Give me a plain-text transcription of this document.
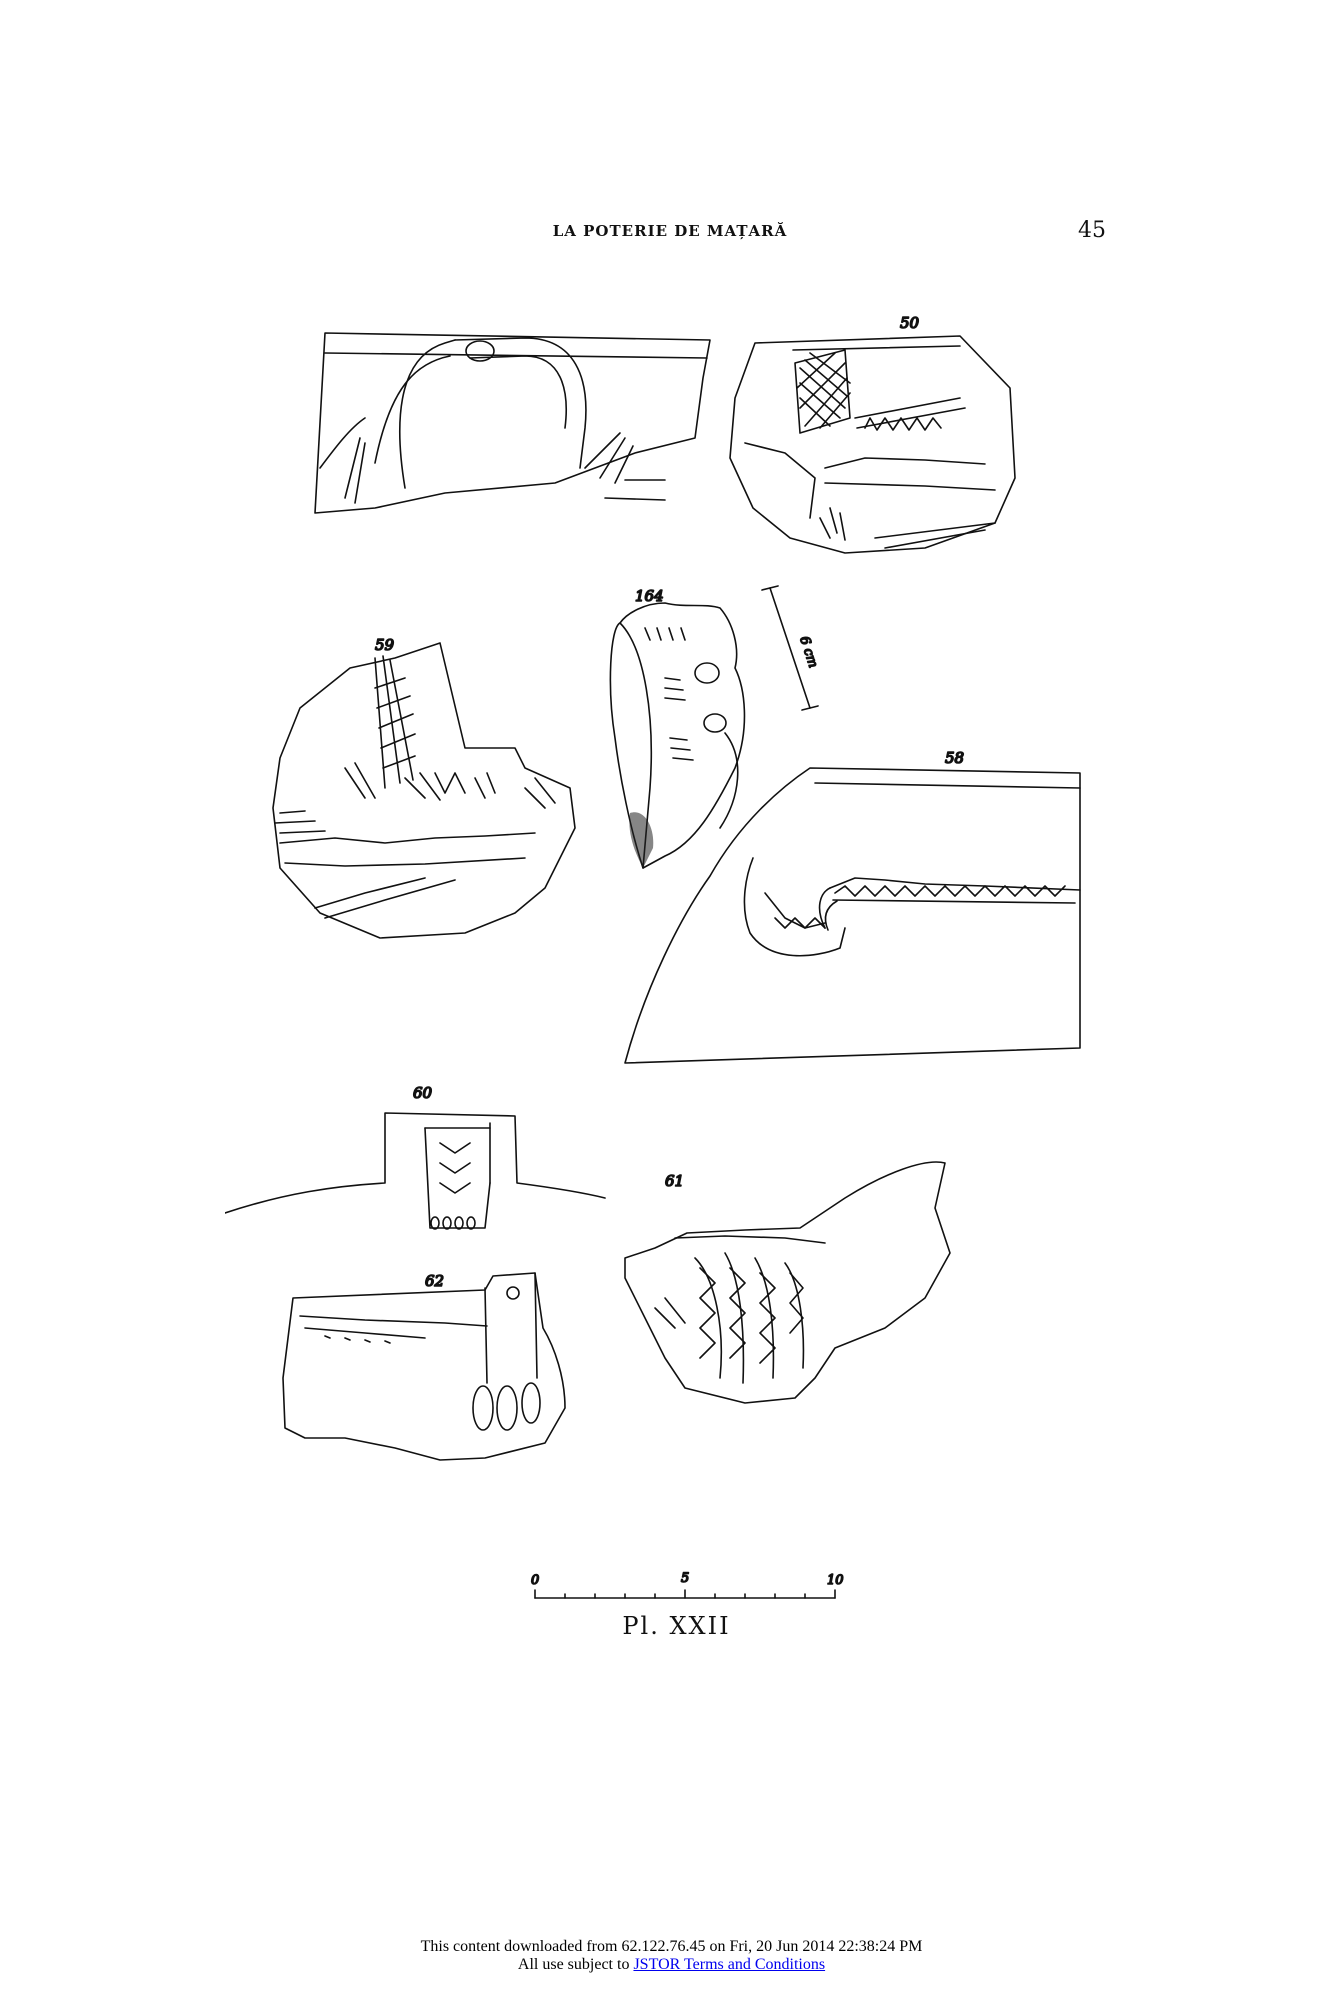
LA POTERIE DE MAȚARĂ	45
50
164
6 cm
59
58
60
62
61
0	5	10
Pl. XXII
This content downloaded from 62.122.76.45 on Fri, 20 Jun 2014 22:38:24 PM
All use subject to JSTOR Terms and Conditions
